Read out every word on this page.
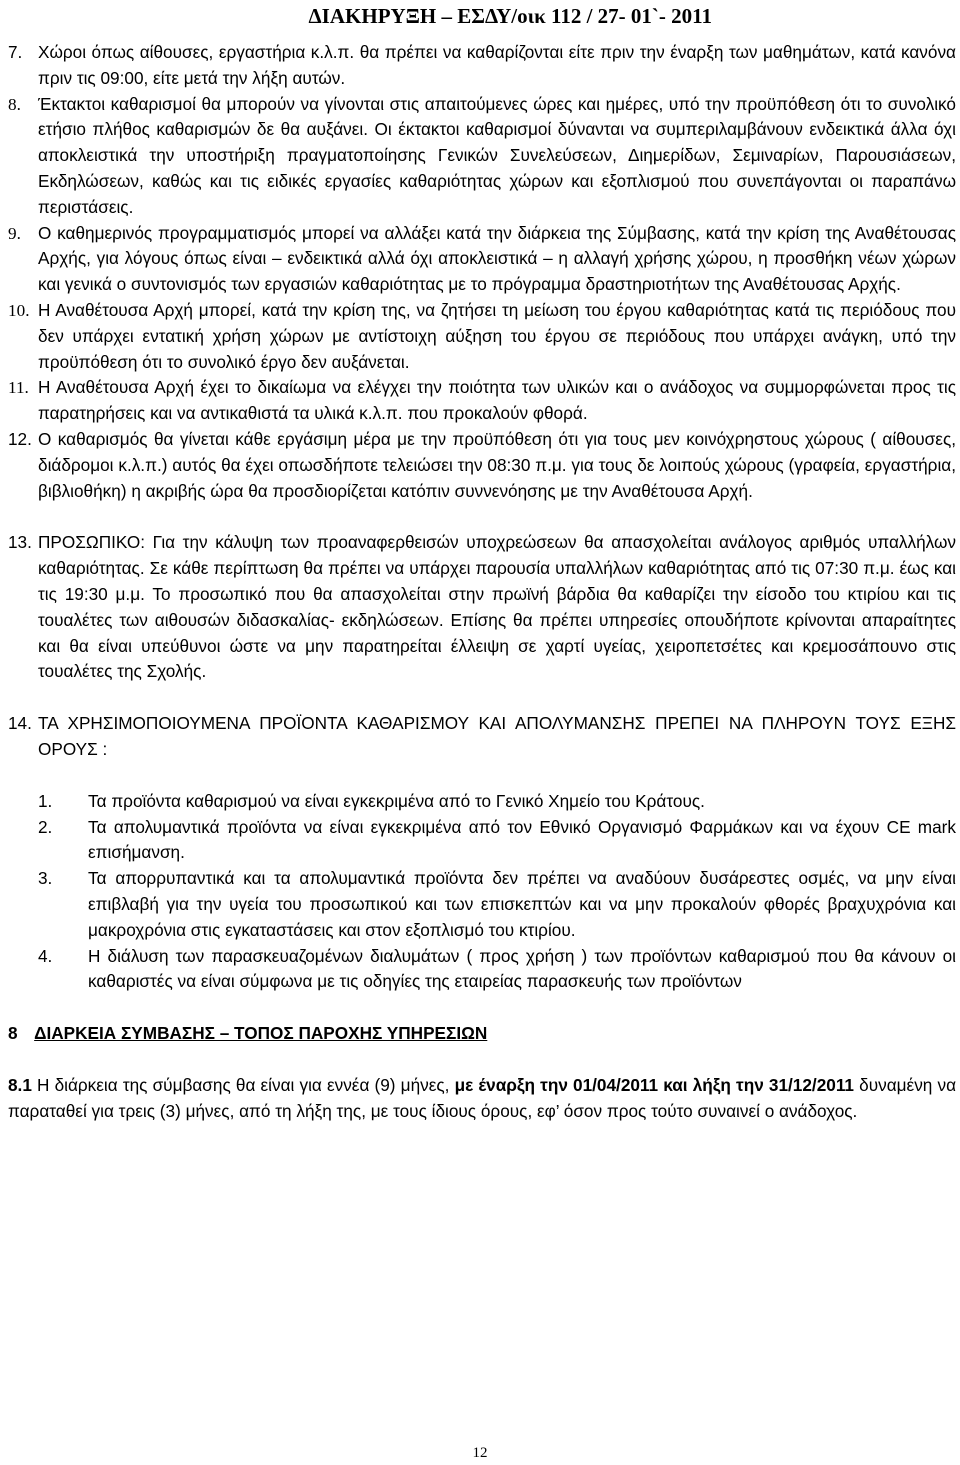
ΔΙΑΚΗΡΥΞΗ – ΕΣΔΥ/οικ 112 / 27- 01`- 2011
7. Χώροι όπως αίθουσες, εργαστήρια κ.λ.π. θα πρέπει να καθαρίζονται είτε πριν την έναρξη των μαθημάτων, κατά κανόνα πριν τις 09:00, είτε μετά την λήξη αυτών.
8. Έκτακτοι καθαρισμοί θα μπορούν να γίνονται στις απαιτούμενες ώρες και ημέρες, υπό την προϋπόθεση ότι το συνολικό ετήσιο πλήθος καθαρισμών δε θα αυξάνει. Οι έκτακτοι καθαρισμοί δύνανται να συμπεριλαμβάνουν ενδεικτικά άλλα όχι αποκλειστικά την υποστήριξη πραγματοποίησης Γενικών Συνελεύσεων, Διημερίδων, Σεμιναρίων, Παρουσιάσεων, Εκδηλώσεων, καθώς και τις ειδικές εργασίες καθαριότητας χώρων και εξοπλισμού που συνεπάγονται οι παραπάνω περιστάσεις.
9. Ο καθημερινός προγραμματισμός μπορεί να αλλάξει κατά την διάρκεια της Σύμβασης, κατά την κρίση της Αναθέτουσας Αρχής, για λόγους όπως είναι – ενδεικτικά αλλά όχι αποκλειστικά – η αλλαγή χρήσης χώρου, η προσθήκη νέων χώρων και γενικά ο συντονισμός των εργασιών καθαριότητας με το πρόγραμμα δραστηριοτήτων της Αναθέτουσας Αρχής.
10. Η Αναθέτουσα Αρχή μπορεί, κατά την κρίση της, να ζητήσει τη μείωση του έργου καθαριότητας κατά τις περιόδους που δεν υπάρχει εντατική χρήση χώρων με αντίστοιχη αύξηση του έργου σε περιόδους που υπάρχει ανάγκη, υπό την προϋπόθεση ότι το συνολικό έργο δεν αυξάνεται.
11. Η Αναθέτουσα Αρχή έχει το δικαίωμα να ελέγχει την ποιότητα των υλικών και ο ανάδοχος να συμμορφώνεται προς τις παρατηρήσεις και να αντικαθιστά τα υλικά κ.λ.π. που προκαλούν φθορά.
12. Ο καθαρισμός θα γίνεται κάθε εργάσιμη μέρα με την προϋπόθεση ότι για τους μεν κοινόχρηστους χώρους ( αίθουσες, διάδρομοι κ.λ.π.) αυτός θα έχει οπωσδήποτε τελειώσει την 08:30 π.μ. για τους δε λοιπούς χώρους (γραφεία, εργαστήρια, βιβλιοθήκη) η ακριβής ώρα θα προσδιορίζεται κατόπιν συννενόησης με την Αναθέτουσα Αρχή.
13. ΠΡΟΣΩΠΙΚΟ: Για την κάλυψη των προαναφερθεισών υποχρεώσεων θα απασχολείται ανάλογος αριθμός υπαλλήλων καθαριότητας. Σε κάθε περίπτωση θα πρέπει να υπάρχει παρουσία υπαλλήλων καθαριότητας από τις 07:30 π.μ. έως και τις 19:30 μ.μ. Το προσωπικό που θα απασχολείται στην πρωϊνή βάρδια θα καθαρίζει την είσοδο του κτιρίου και τις τουαλέτες των αιθουσών διδασκαλίας- εκδηλώσεων. Επίσης θα πρέπει υπηρεσίες οπουδήποτε κρίνονται απαραίτητες και θα είναι υπεύθυνοι ώστε να μην παρατηρείται έλλειψη σε χαρτί υγείας, χειροπετσέτες και κρεμοσάπουνο στις τουαλέτες της Σχολής.
14. ΤΑ ΧΡΗΣΙΜΟΠΟΙΟΥΜΕΝΑ ΠΡΟΪΟΝΤΑ ΚΑΘΑΡΙΣΜΟΥ ΚΑΙ ΑΠΟΛΥΜΑΝΣΗΣ ΠΡΕΠΕΙ ΝΑ ΠΛΗΡΟΥΝ ΤΟΥΣ ΕΞΗΣ ΟΡΟΥΣ :
1. Τα προϊόντα καθαρισμού να είναι εγκεκριμένα από το Γενικό Χημείο του Κράτους.
2. Τα απολυμαντικά προϊόντα να είναι εγκεκριμένα από τον Εθνικό Οργανισμό Φαρμάκων και να έχουν CE mark επισήμανση.
3. Τα απορρυπαντικά και τα απολυμαντικά προϊόντα δεν πρέπει να αναδύουν δυσάρεστες οσμές, να μην είναι επιβλαβή για την υγεία του προσωπικού και των επισκεπτών και να μην προκαλούν φθορές βραχυχρόνια και μακροχρόνια στις εγκαταστάσεις και στον εξοπλισμό του κτιρίου.
4. Η διάλυση των παρασκευαζομένων διαλυμάτων ( προς χρήση ) των προϊόντων καθαρισμού που θα κάνουν οι καθαριστές να είναι σύμφωνα με τις οδηγίες της εταιρείας παρασκευής των προϊόντων
8 ΔΙΑΡΚΕΙΑ ΣΥΜΒΑΣΗΣ – ΤΟΠΟΣ ΠΑΡΟΧΗΣ ΥΠΗΡΕΣΙΩΝ
8.1 Η διάρκεια της σύμβασης θα είναι για εννέα (9) μήνες, με έναρξη την 01/04/2011 και λήξη την 31/12/2011 δυναμένη να παραταθεί για τρεις (3) μήνες, από τη λήξη της, με τους ίδιους όρους, εφ’ όσον προς τούτο συναινεί ο ανάδοχος.
12
